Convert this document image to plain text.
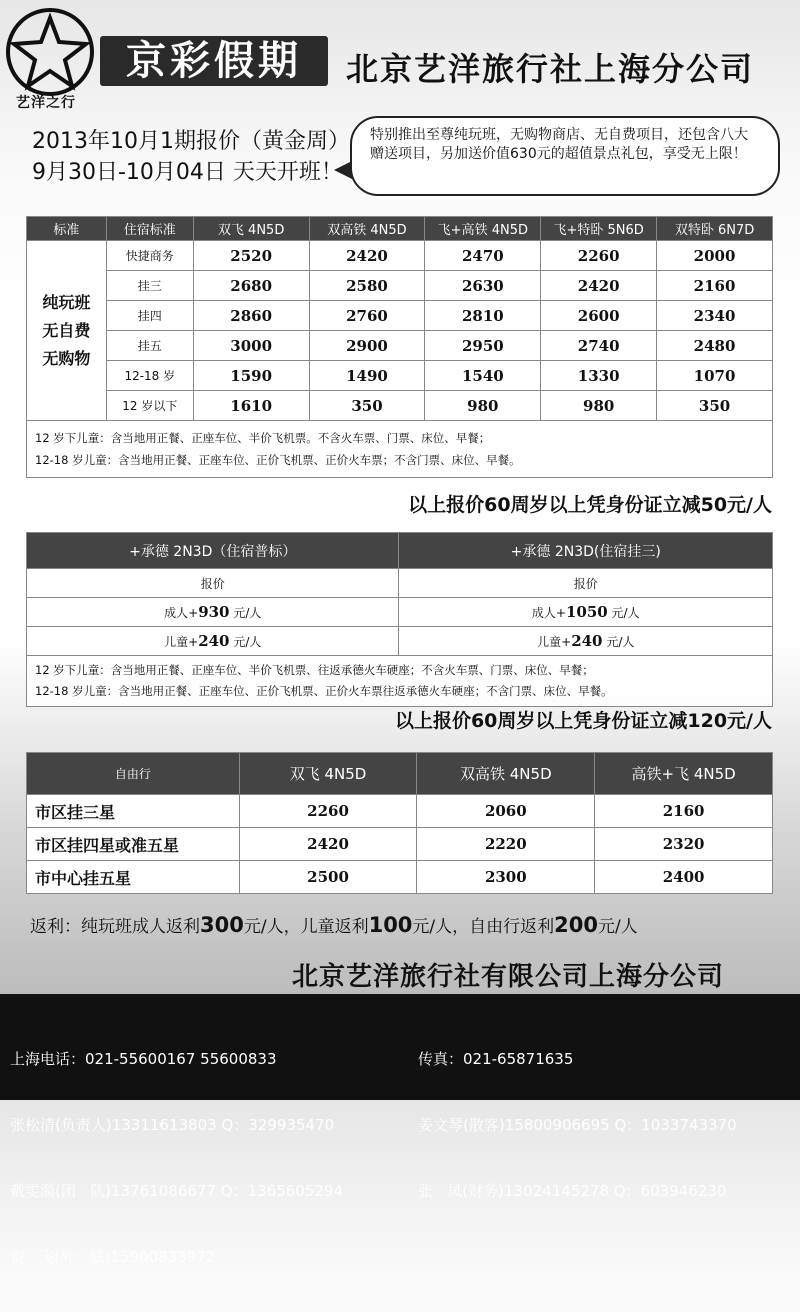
艺洋之行
京彩假期	北京艺洋旅行社上海分公司
2013年10月1期报价（黄金周）
9月30日-10月04日 天天开班！
特别推出至尊纯玩班，无购物商店、无自费项目，还包含八大赠送项目，另加送价值630元的超值景点礼包，享受无上限！
标准	住宿标准	双飞 4N5D	双高铁 4N5D	飞+高铁 4N5D	飞+特卧 5N6D	双特卧 6N7D

纯玩班
无自费
无购物	快捷商务	2520	2420	2470	2260	2000
	挂三	2680	2580	2630	2420	2160
	挂四	2860	2760	2810	2600	2340
	挂五	3000	2900	2950	2740	2480
	12-18 岁	1590	1490	1540	1330	1070
	12 岁以下	1610	350	980	980	350

12 岁下儿童：含当地用正餐、正座车位、半价飞机票。不含火车票、门票、床位、早餐；
12-18 岁儿童：含当地用正餐、正座车位、正价飞机票、正价火车票；不含门票、床位、早餐。						
以上报价60周岁以上凭身份证立减50元/人
+承德 2N3D（住宿普标）	+承德 2N3D(住宿挂三)
报价	报价
成人+930 元/人	成人+1050 元/人
儿童+240 元/人	儿童+240 元/人

12 岁下儿童：含当地用正餐、正座车位、半价飞机票、往返承德火车硬座；不含火车票、门票、床位、早餐；
12-18 岁儿童：含当地用正餐、正座车位、正价飞机票、正价火车票往返承德火车硬座；不含门票、床位、早餐。	
以上报价60周岁以上凭身份证立减120元/人
自由行	双飞 4N5D	双高铁 4N5D	高铁+飞 4N5D
市区挂三星	2260	2060	2160
市区挂四星或准五星	2420	2220	2320
市中心挂五星	2500	2300	2400
返利：纯玩班成人返利300元/人，儿童返利100元/人，自由行返利200元/人
北京艺洋旅行社有限公司上海分公司

上海电话：021-55600167 55600833

张松清(负责人)13311613803 Q：329935470

戴雯漪(团   队)13761086677 Q：1365605294

贺   飞(外   联)15900833972

传真：021-65871635

姜文琴(散客)15800906695 Q：1033743370

张   凤(财务)13024145278 Q：603946230
